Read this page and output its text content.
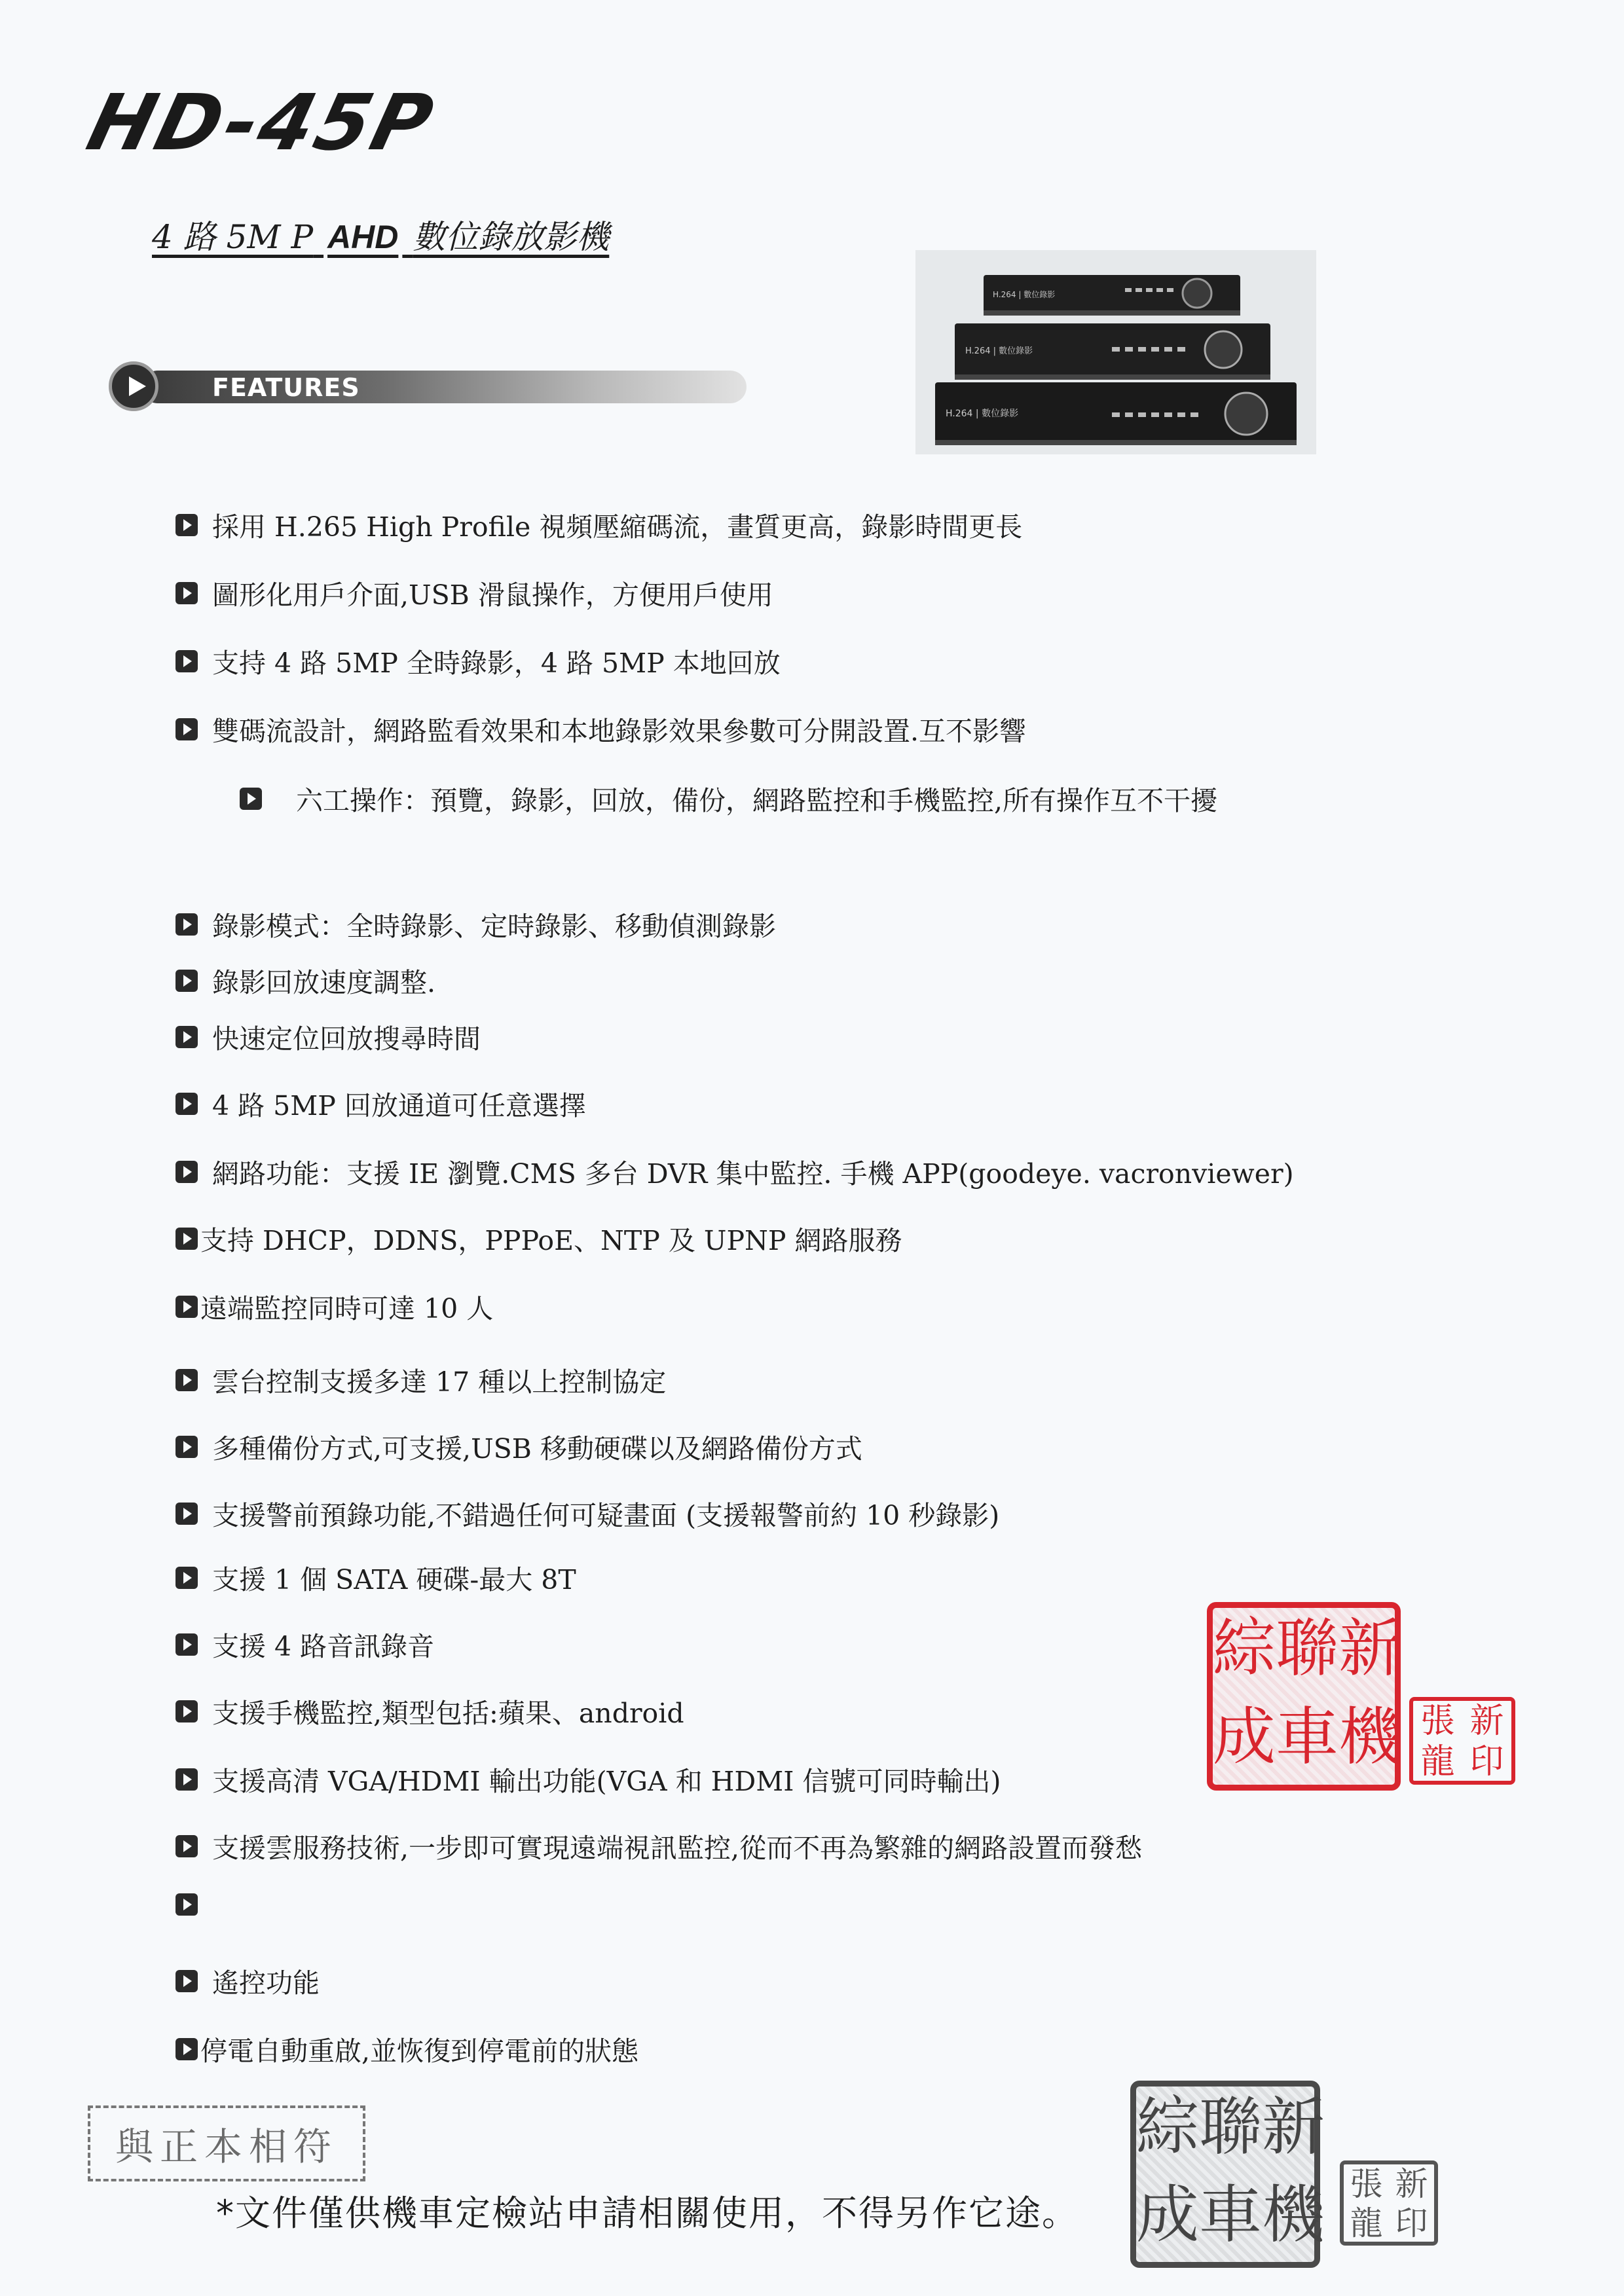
HD-45P
4 路 5M P AHD 數位錄放影機
H.264 | 數位錄影
H.264 | 數位錄影
H.264 | 數位錄影
FEATURES
採用 H.265 High Profile 視頻壓縮碼流，畫質更高，錄影時間更長
圖形化用戶介面,USB 滑鼠操作，方便用戶使用
支持 4 路 5MP 全時錄影，4 路 5MP 本地回放
雙碼流設計，網路監看效果和本地錄影效果參數可分開設置.互不影響
六工操作：預覽，錄影，回放，備份，網路監控和手機監控,所有操作互不干擾
錄影模式：全時錄影、定時錄影、移動偵測錄影
錄影回放速度調整.
快速定位回放搜尋時間
4 路 5MP 回放通道可任意選擇
網路功能：支援 IE 瀏覽.CMS 多台 DVR 集中監控. 手機 APP(goodeye. vacronviewer)
支持 DHCP，DDNS，PPPoE、NTP 及 UPNP 網路服務
遠端監控同時可達 10 人
雲台控制支援多達 17 種以上控制協定
多種備份方式,可支援,USB 移動硬碟以及網路備份方式
支援警前預錄功能,不錯過任何可疑畫面 (支援報警前約 10 秒錄影)
支援 1 個 SATA 硬碟-最大 8T
支援 4 路音訊錄音
支援手機監控,類型包括:蘋果、android
支援高清 VGA/HDMI 輸出功能(VGA 和 HDMI 信號可同時輸出)
支援雲服務技術,一步即可實現遠端視訊監控,從而不再為繁雜的網路設置而發愁
遙控功能
停電自動重啟,並恢復到停電前的狀態
綜 聯 新
成 車 機 張 新
龍 印
與正本相符
*文件僅供機車定檢站申請相關使用，不得另作它途。
綜 聯 新
成 車 機 張 新
龍 印
